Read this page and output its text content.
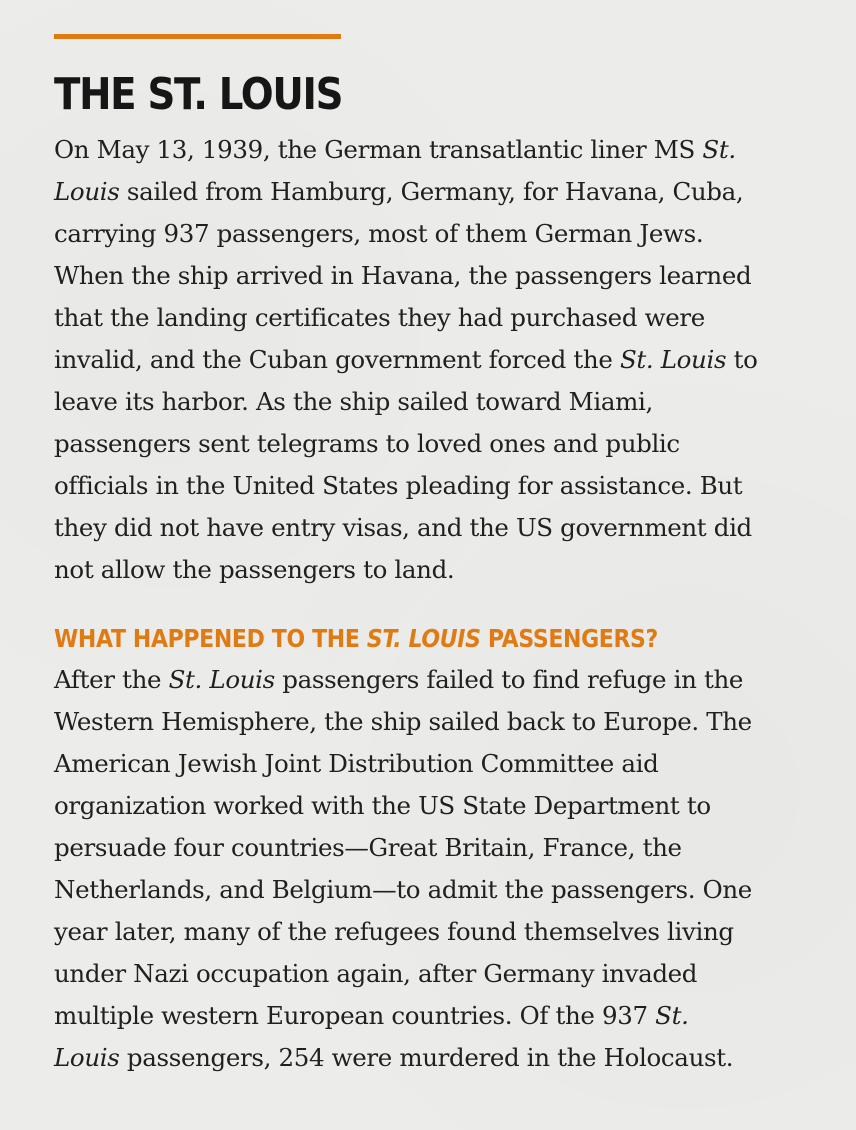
THE ST. LOUIS

On May 13, 1939, the German transatlantic liner MS St.
Louis sailed from Hamburg, Germany, for Havana, Cuba,
carrying 937 passengers, most of them German Jews.
When the ship arrived in Havana, the passengers learned
that the landing certificates they had purchased were
invalid, and the Cuban government forced the St. Louis to
leave its harbor. As the ship sailed toward Miami,
passengers sent telegrams to loved ones and public
officials in the United States pleading for assistance. But
they did not have entry visas, and the US government did
not allow the passengers to land.

WHAT HAPPENED TO THE ST. LOUIS PASSENGERS?

After the St. Louis passengers failed to find refuge in the
Western Hemisphere, the ship sailed back to Europe. The
American Jewish Joint Distribution Committee aid
organization worked with the US State Department to
persuade four countries—Great Britain, France, the
Netherlands, and Belgium—to admit the passengers. One
year later, many of the refugees found themselves living
under Nazi occupation again, after Germany invaded
multiple western European countries. Of the 937 St.
Louis passengers, 254 were murdered in the Holocaust.
